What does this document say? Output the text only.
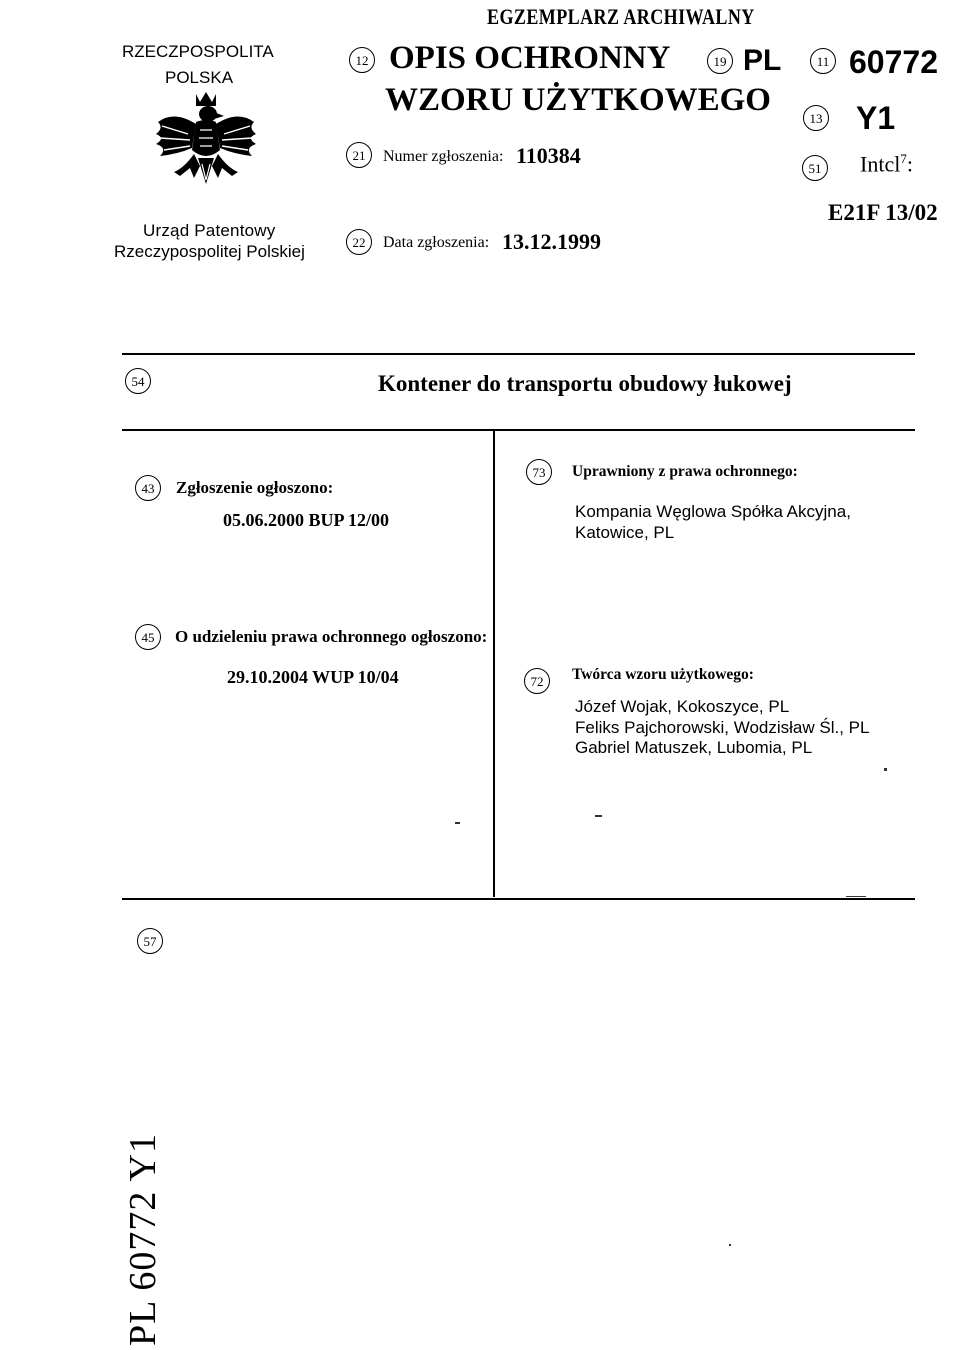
EGZEMPLARZ ARCHIWALNY
RZECZPOSPOLITA
POLSKA
Urząd Patentowy
Rzeczypospolitej Polskiej
12 OPIS OCHRONNY
WZORU UŻYTKOWEGO
19 PL	11 60772
13 Y1
21	Numer zgłoszenia: 110384
51 Intcl$^7$:
E21F 13/02
22	Data zgłoszenia: 13.12.1999
54	Kontener do transportu obudowy łukowej
43	Zgłoszenie ogłoszono:
05.06.2000 BUP 12/00
73	Uprawniony z prawa ochronnego:
Kompania Węglowa Spółka Akcyjna,
Katowice, PL
45	O udzieleniu prawa ochronnego ogłoszono:
29.10.2004 WUP 10/04	72	Twórca wzoru użytkowego:
Józef Wojak, Kokoszyce, PL
Feliks Pajchorowski, Wodzisław Śl., PL
Gabriel Matuszek, Lubomia, PL
57
PL 60772 Y1
